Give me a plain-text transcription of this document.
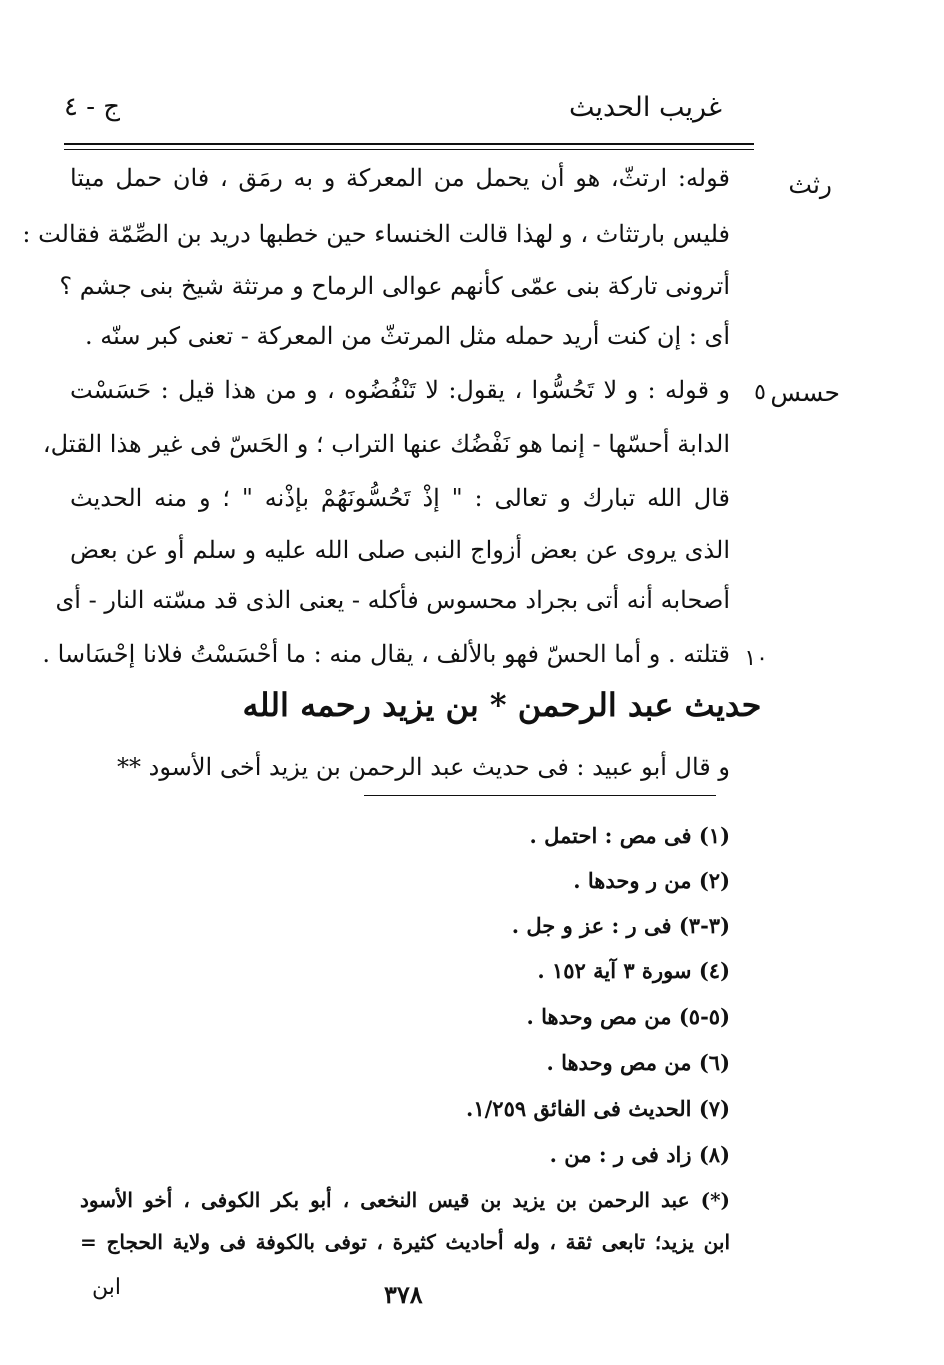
غريب الحديث
ج - ٤
رثث
حسس
٥
١٠
قوله: ارتثّ، هو أن يحمل من المعركة و به رمَق ، فان حمل ميتا
فليس بارتثاث ، و لهذا قالت الخنساء حين خطبها دريد بن الصِّمّة فقالت :
أترونى تاركة بنى عمّى كأنهم عوالى الرماح و مرتثة شيخ بنى جشم ؟
أى : إن كنت أريد حمله مثل المرتثّ من المعركة - تعنى كبر سنّه .
و قوله : و لا تَحُسُّوا ، يقول: لا تَنْفُضُوه ، و من هذا قيل : حَسَسْت
الدابة أحسّها - إنما هو نَفْضُك عنها التراب ؛ و الحَسّ فى غير هذا القتل،
قال الله تبارك و تعالى : " إذْ تَحُسُّونَهُمْ بإذْنه " ؛ و منه الحديث
الذى يروى عن بعض أزواج النبى صلى الله عليه و سلم أو عن بعض
أصحابه أنه أتى بجراد محسوس فأكله - يعنى الذى قد مسّته النار - أى
قتلته . و أما الحسّ فهو بالألف ، يقال منه : ما أحْسَسْتُ فلانا إحْسَاسا .
حديث عبد الرحمن * بن يزيد رحمه الله
و قال أبو عبيد : فى حديث عبد الرحمن بن يزيد أخى الأسود **
(١) فى مص : احتمل .
(٢) من ر وحدها .
(٣-٣) فى ر : عز و جل .
(٤) سورة ٣ آية ١٥٢ .
(٥-٥) من مص وحدها .
(٦) من مص وحدها .
(٧) الحديث فى الفائق ١/٢٥٩.
(٨) زاد فى ر : من .
(*) عبد الرحمن بن يزيد بن قيس النخعى ، أبو بكر الكوفى ، أخو الأسود
ابن يزيد؛ تابعى ثقة ، وله أحاديث كثيرة ، توفى بالكوفة فى ولاية الحجاج =
ابن	٣٧٨
